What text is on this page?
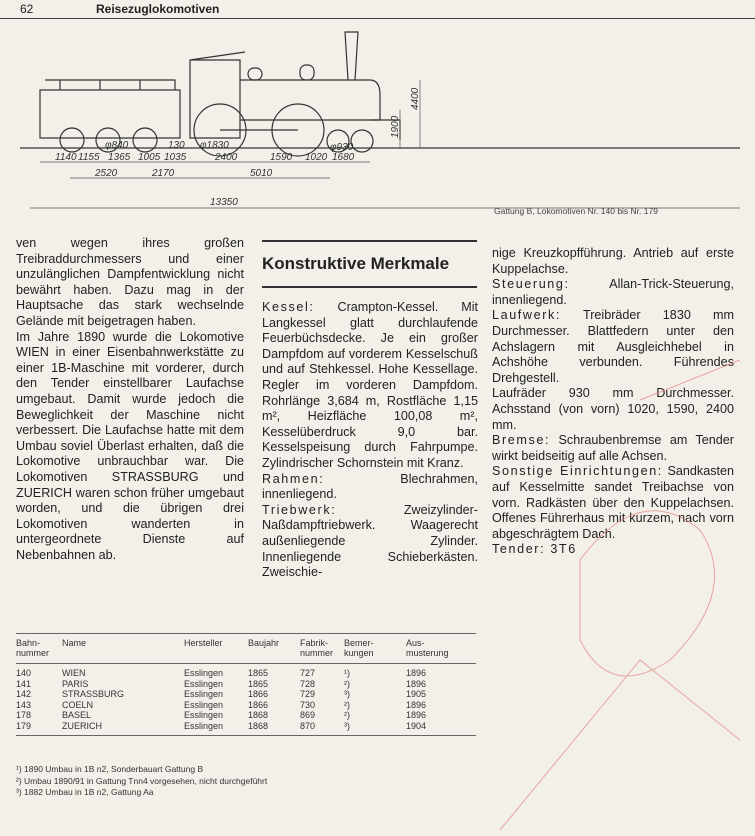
62	Reisezuglokomotiven
1140 1155 1365 1005 1035	2400	1590 1020 1680
φ840	130 φ1830	φ930
2520	2170	5010
13350
1900
4400
Gattung B, Lokomotiven Nr. 140 bis Nr. 179

ven wegen ihres großen Treibraddurchmessers und einer unzulänglichen Dampfentwicklung nicht bewährt haben. Dazu mag in der Hauptsache das stark wechselnde Gelände mit beigetragen haben.

Im Jahre 1890 wurde die Lokomotive WIEN in einer Eisenbahnwerkstätte zu einer 1B-Maschine mit vorderer, durch den Tender einstellbarer Laufachse umgebaut. Damit wurde jedoch die Beweglichkeit der Maschine nicht verbessert. Die Laufachse hatte mit dem Umbau soviel Überlast erhalten, daß die Lokomotive unbrauchbar war. Die Lokomotiven STRASSBURG und ZUERICH waren schon früher umgebaut worden, und die übrigen drei Lokomotiven wanderten in untergeordnete Dienste auf Nebenbahnen ab.

Konstruktive Merkmale

Kessel: Crampton-Kessel. Mit Langkessel glatt durchlaufende Feuerbüchsdecke. Je ein großer Dampfdom auf vorderem Kesselschuß und auf Stehkessel. Hohe Kessellage. Regler im vorderen Dampfdom. Rohrlänge 3,684 m, Rostfläche 1,15 m², Heizfläche 100,08 m², Kesselüberdruck 9,0 bar. Kesselspeisung durch Fahrpumpe. Zylindrischer Schornstein mit Kranz.

Rahmen:	Blechrahmen, innenliegend.

Triebwerk:	Zweizylinder-Naßdampftriebwerk. Waagerecht außenliegende Zylinder. Innenliegende Schieberkästen. Zweischie-

nige Kreuzkopfführung. Antrieb auf erste Kuppelachse.

Steuerung:	Allan-Trick-Steuerung, innenliegend.

Laufwerk: Treibräder 1830 mm Durchmesser. Blattfedern unter den Achslagern mit Ausgleichhebel in Achshöhe verbunden. Führendes Drehgestell.

Laufräder 930 mm Durchmesser. Achsstand (von vorn) 1020, 1590, 2400 mm.

Bremse: Schraubenbremse am Tender wirkt beidseitig auf alle Achsen.

Sonstige Einrichtungen: Sandkasten auf Kesselmitte sandet Treibachse von vorn. Radkästen über den Kuppelachsen. Offenes Führerhaus mit kurzem, nach vorn abgeschrägtem Dach.

Tender: 3T6

Bahn-
nummer	Name	Hersteller	Baujahr	Fabrik-
nummer	Bemer-
kungen	Aus-
musterung
140	WIEN	Esslingen	1865	727	¹)	1896
141	PARIS	Esslingen	1865	728	²)	1896
142	STRASSBURG	Esslingen	1866	729	³)	1905
143	COELN	Esslingen	1866	730	²)	1896
178	BASEL	Esslingen	1868	869	²)	1896
179	ZUERICH	Esslingen	1868	870	³)	1904
¹) 1890 Umbau in 1B n2, Sonderbauart Gattung B
²) Umbau 1890/91 in Gattung Tnn4 vorgesehen, nicht durchgeführt
³) 1882 Umbau in 1B n2, Gattung Aa
